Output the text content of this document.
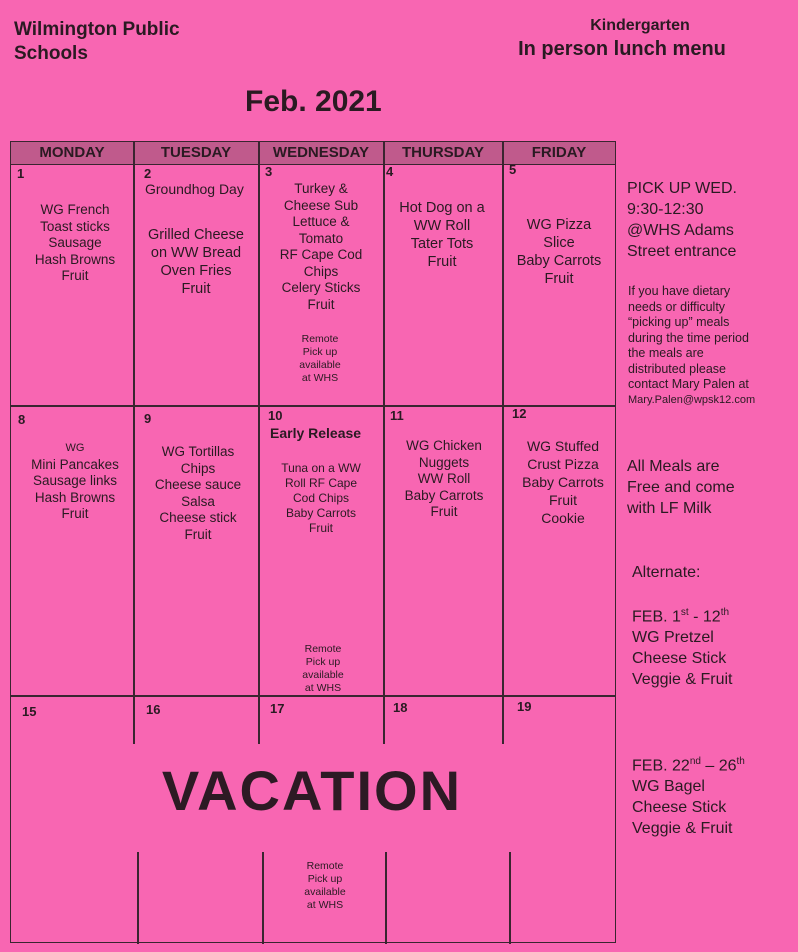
Wilmington Public
Schools
Kindergarten
In person lunch menu
Feb. 2021
MONDAY	TUESDAY	WEDNESDAY	THURSDAY	FRIDAY
1
WG French
Toast sticks
Sausage
Hash Browns
Fruit
2
Groundhog Day
Grilled Cheese
on WW Bread
Oven Fries
Fruit
3
Turkey &
Cheese Sub
Lettuce &
Tomato
RF Cape Cod
Chips
Celery Sticks
Fruit
Remote
Pick up
available
at WHS
4
Hot Dog on a
WW Roll
Tater Tots
Fruit
5
WG Pizza
Slice
Baby Carrots
Fruit
8
WG
Mini Pancakes
Sausage links
Hash Browns
Fruit
9
WG Tortillas
Chips
Cheese sauce
Salsa
Cheese stick
Fruit
10
Early Release
Tuna on a WW
Roll RF Cape
Cod Chips
Baby Carrots
Fruit
Remote
Pick up
available
at WHS
11
WG Chicken
Nuggets
WW Roll
Baby Carrots
Fruit
12
WG Stuffed
Crust Pizza
Baby Carrots
Fruit
Cookie
15	16	17	18	19
VACATION
Remote
Pick up
available
at WHS
PICK UP WED.
9:30-12:30
@WHS Adams
Street entrance
If you have dietary
needs or difficulty
“picking up” meals
during the time period
the meals are
distributed please
contact Mary Palen at
Mary.Palen@wpsk12.com
All Meals are
Free and come
with LF Milk
Alternate:
FEB. 1st - 12th
WG Pretzel
Cheese Stick
Veggie & Fruit
FEB. 22nd – 26th
WG Bagel
Cheese Stick
Veggie & Fruit
